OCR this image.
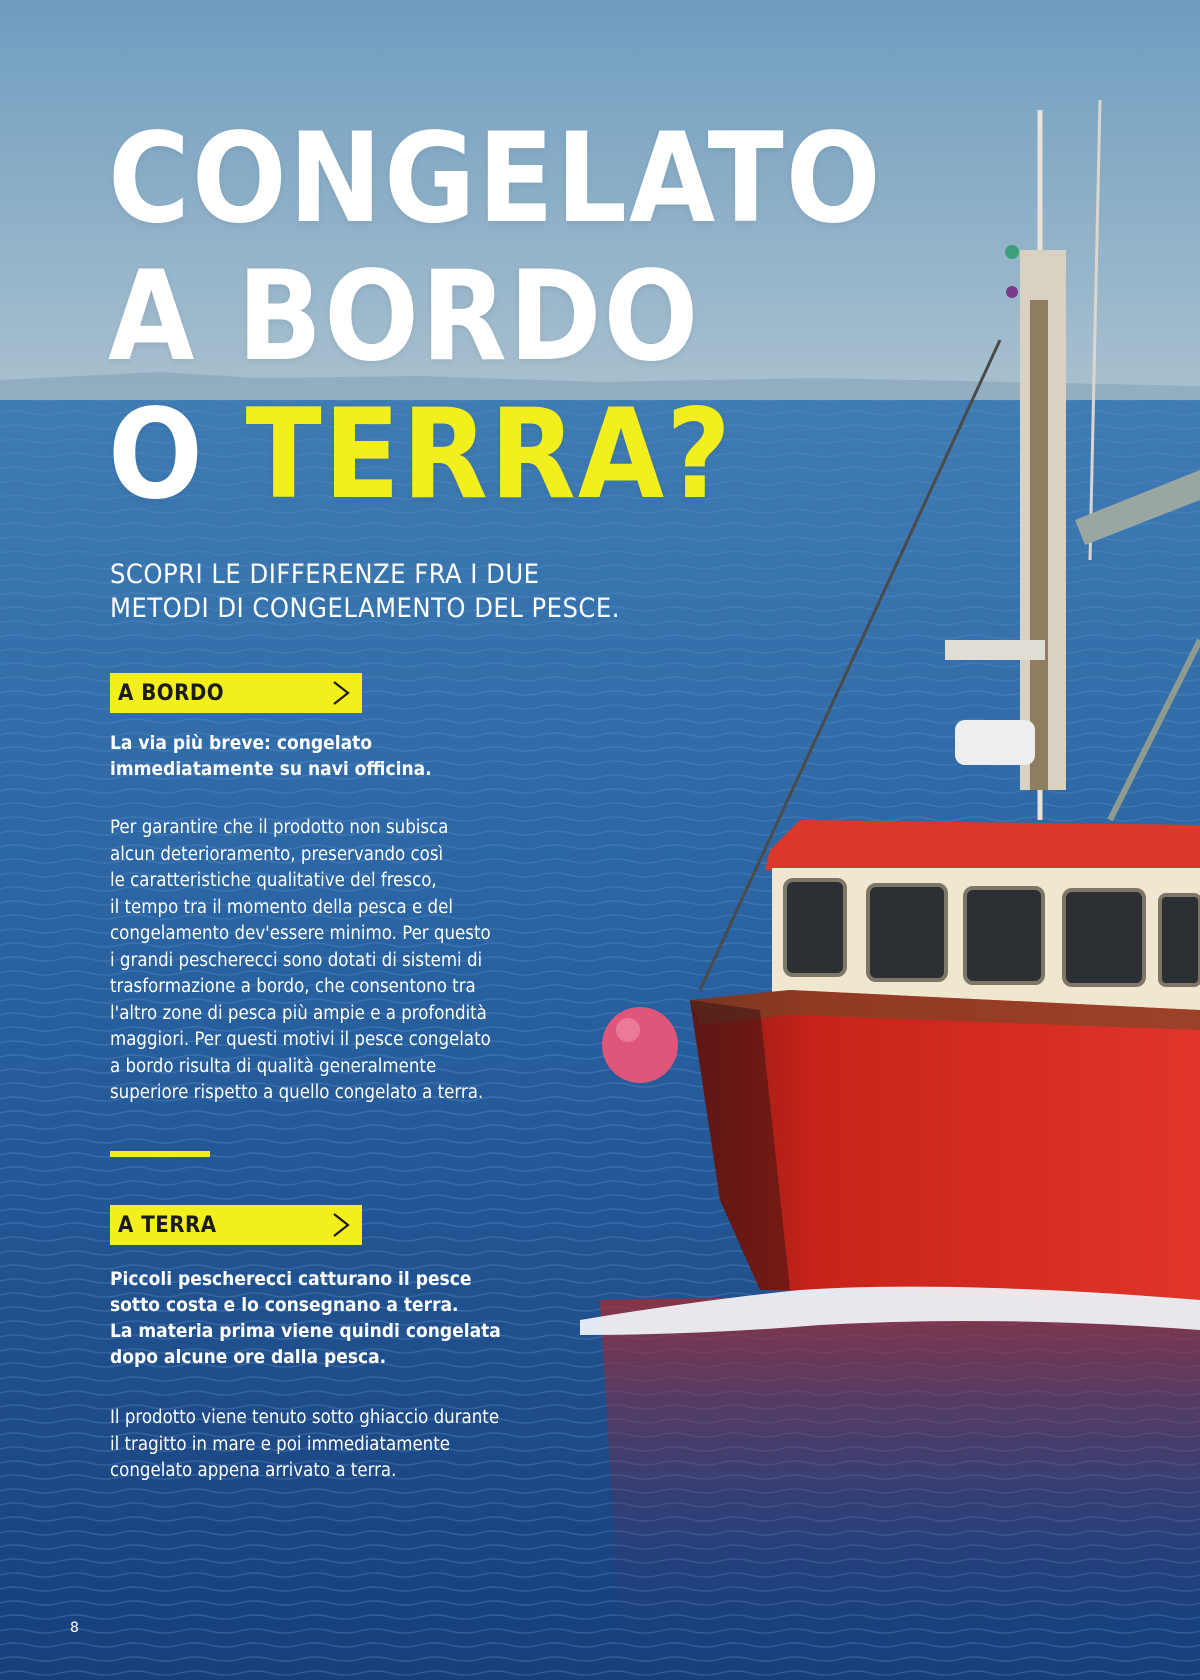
CONGELATO
A BORDO
O TERRA?
SCOPRI LE DIFFERENZE FRA I DUE
METODI DI CONGELAMENTO DEL PESCE.
A BORDO
La via più breve: congelato
immediatamente su navi officina.
Per garantire che il prodotto non subisca
alcun deterioramento, preservando così
le caratteristiche qualitative del fresco,
il tempo tra il momento della pesca e del
congelamento dev'essere minimo. Per questo
i grandi pescherecci sono dotati di sistemi di
trasformazione a bordo, che consentono tra
l'altro zone di pesca più ampie e a profondità
maggiori. Per questi motivi il pesce congelato
a bordo risulta di qualità generalmente
superiore rispetto a quello congelato a terra.
A TERRA
Piccoli pescherecci catturano il pesce
sotto costa e lo consegnano a terra.
La materia prima viene quindi congelata
dopo alcune ore dalla pesca.
Il prodotto viene tenuto sotto ghiaccio durante
il tragitto in mare e poi immediatamente
congelato appena arrivato a terra.
8
